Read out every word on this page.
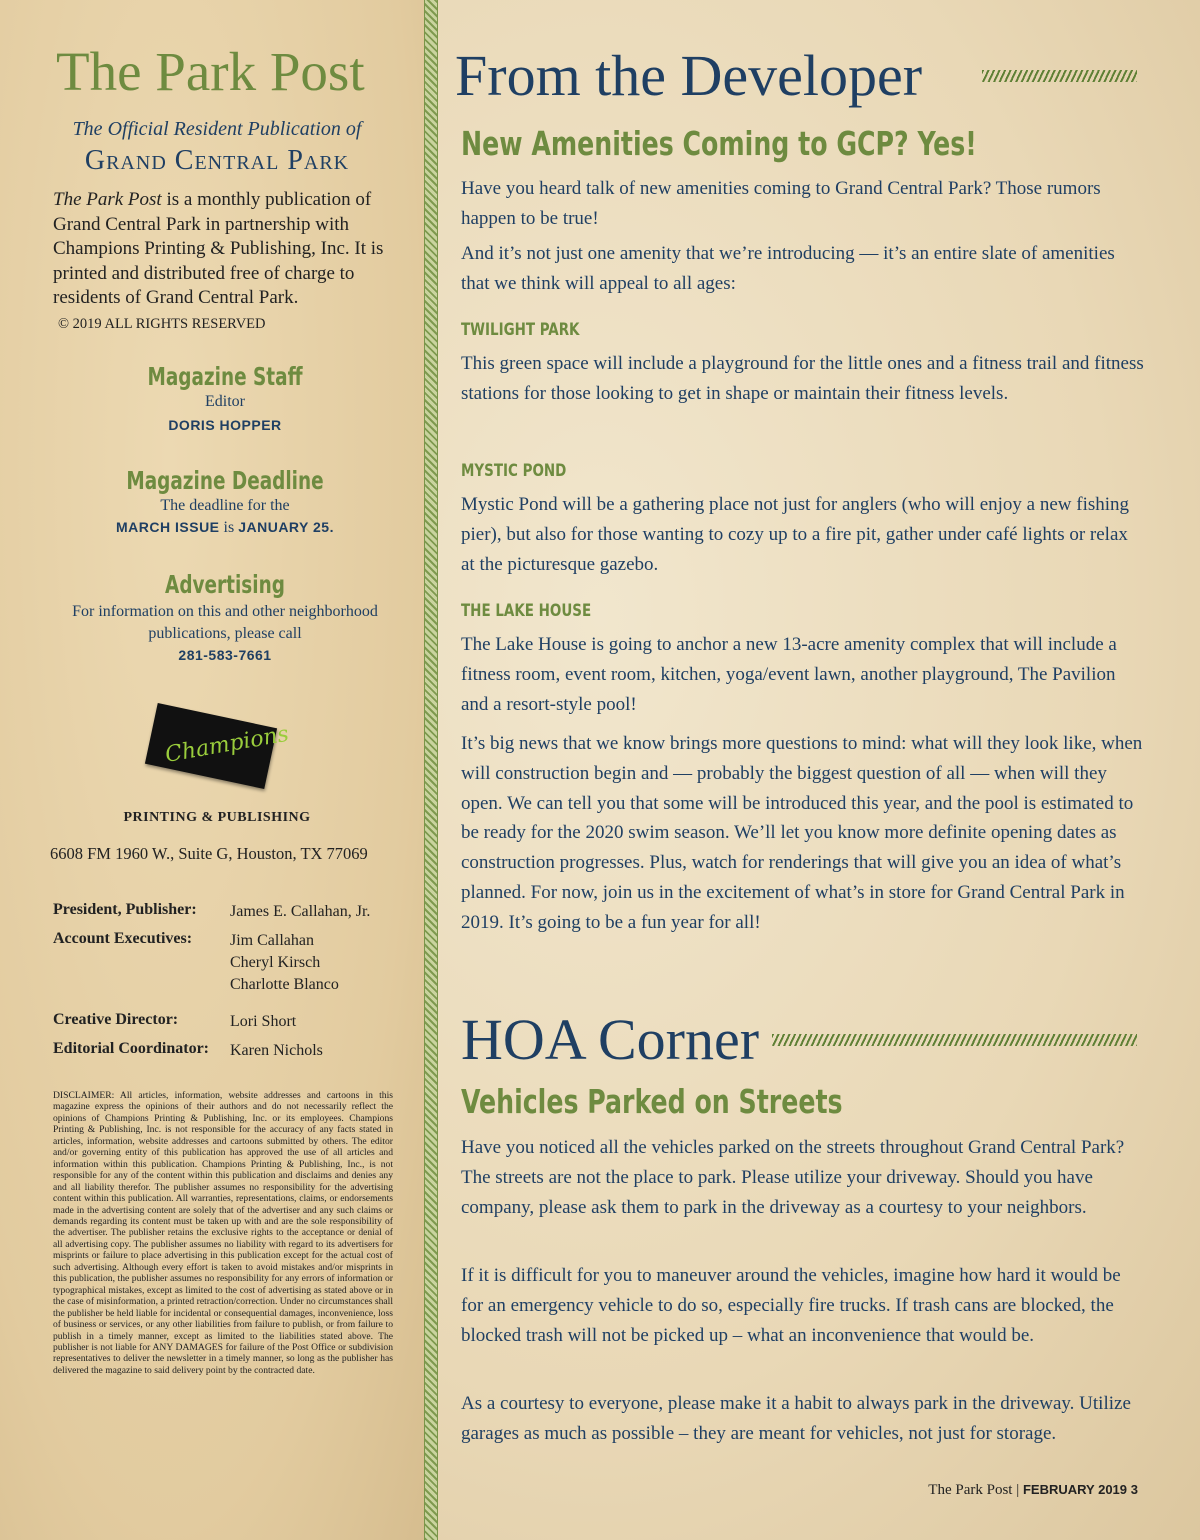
The Park Post
The Official Resident Publication of
Grand Central Park
The Park Post is a monthly publication of Grand Central Park in partnership with Champions Printing & Publishing, Inc. It is printed and distributed free of charge to residents of Grand Central Park.
© 2019 ALL RIGHTS RESERVED
Magazine Staff
Editor
DORIS HOPPER
Magazine Deadline
The deadline for the
MARCH ISSUE is JANUARY 25.
Advertising
For information on this and other neighborhood publications, please call
281-583-7661
Champions
PRINTING & PUBLISHING
6608 FM 1960 W., Suite G, Houston, TX 77069
President, Publisher:	James E. Callahan, Jr.
Account Executives:	Jim Callahan
Cheryl Kirsch
Charlotte Blanco
Creative Director:	Lori Short
Editorial Coordinator:	Karen Nichols
DISCLAIMER: All articles, information, website addresses and cartoons in this magazine express the opinions of their authors and do not necessarily reflect the opinions of Champions Printing & Publishing, Inc. or its employees. Champions Printing & Publishing, Inc. is not responsible for the accuracy of any facts stated in articles, information, website addresses and cartoons submitted by others. The editor and/or governing entity of this publication has approved the use of all articles and information within this publication. Champions Printing & Publishing, Inc., is not responsible for any of the content within this publication and disclaims and denies any and all liability therefor. The publisher assumes no responsibility for the advertising content within this publication. All warranties, representations, claims, or endorsements made in the advertising content are solely that of the advertiser and any such claims or demands regarding its content must be taken up with and are the sole responsibility of the advertiser. The publisher retains the exclusive rights to the acceptance or denial of all advertising copy. The publisher assumes no liability with regard to its advertisers for misprints or failure to place advertising in this publication except for the actual cost of such advertising. Although every effort is taken to avoid mistakes and/or misprints in this publication, the publisher assumes no responsibility for any errors of information or typographical mistakes, except as limited to the cost of advertising as stated above or in the case of misinformation, a printed retraction/correction. Under no circumstances shall the publisher be held liable for incidental or consequential damages, inconvenience, loss of business or services, or any other liabilities from failure to publish, or from failure to publish in a timely manner, except as limited to the liabilities stated above. The publisher is not liable for ANY DAMAGES for failure of the Post Office or subdivision representatives to deliver the newsletter in a timely manner, so long as the publisher has delivered the magazine to said delivery point by the contracted date.
From the Developer
New Amenities Coming to GCP? Yes!
Have you heard talk of new amenities coming to Grand Central Park? Those rumors happen to be true!
And it’s not just one amenity that we’re introducing — it’s an entire slate of amenities that we think will appeal to all ages:
TWILIGHT PARK
This green space will include a playground for the little ones and a fitness trail and fitness stations for those looking to get in shape or maintain their fitness levels.
MYSTIC POND
Mystic Pond will be a gathering place not just for anglers (who will enjoy a new fishing pier), but also for those wanting to cozy up to a fire pit, gather under café lights or relax at the picturesque gazebo.
THE LAKE HOUSE
The Lake House is going to anchor a new 13-acre amenity complex that will include a fitness room, event room, kitchen, yoga/event lawn, another playground, The Pavilion and a resort-style pool!
It’s big news that we know brings more questions to mind: what will they look like, when will construction begin and — probably the biggest question of all — when will they open. We can tell you that some will be introduced this year, and the pool is estimated to be ready for the 2020 swim season. We’ll let you know more definite opening dates as construction progresses. Plus, watch for renderings that will give you an idea of what’s planned. For now, join us in the excitement of what’s in store for Grand Central Park in 2019. It’s going to be a fun year for all!
HOA Corner
Vehicles Parked on Streets
Have you noticed all the vehicles parked on the streets throughout Grand Central Park? The streets are not the place to park. Please utilize your driveway. Should you have company, please ask them to park in the driveway as a courtesy to your neighbors.
If it is difficult for you to maneuver around the vehicles, imagine how hard it would be for an emergency vehicle to do so, especially fire trucks. If trash cans are blocked, the blocked trash will not be picked up – what an inconvenience that would be.
As a courtesy to everyone, please make it a habit to always park in the driveway. Utilize garages as much as possible – they are meant for vehicles, not just for storage.
The Park Post | FEBRUARY 2019 3
